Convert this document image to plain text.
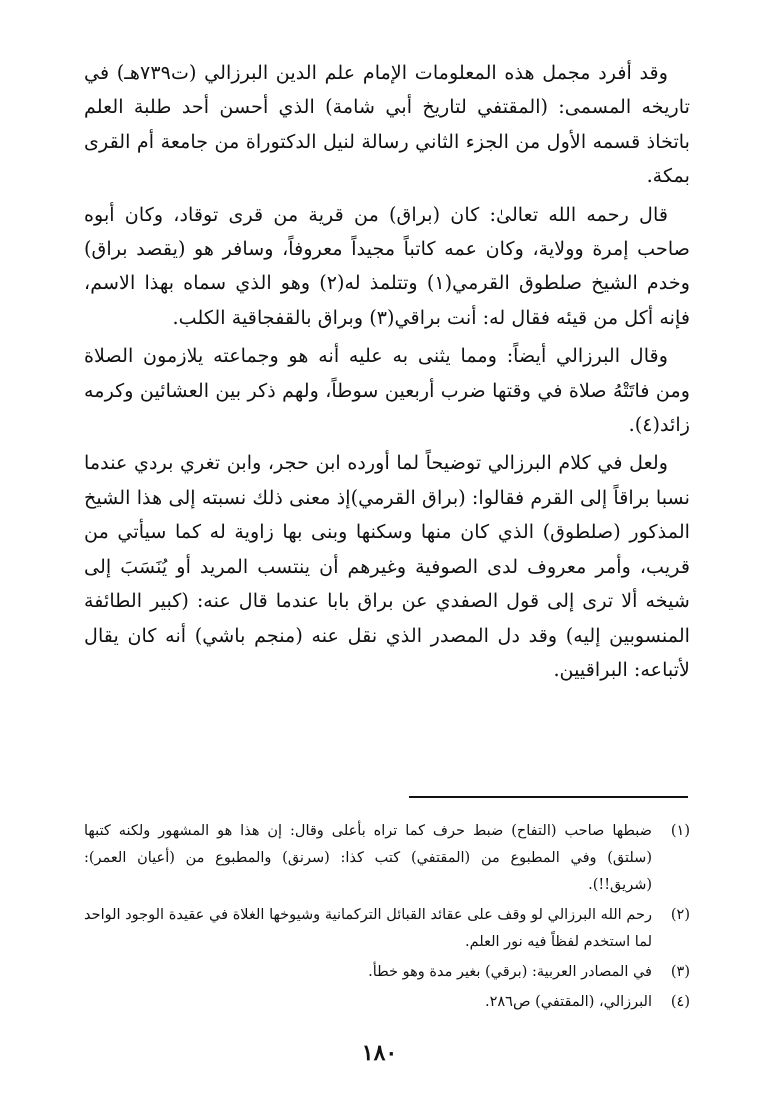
وقد أفرد مجمل هذه المعلومات الإمام علم الدين البرزالي (ت٧٣٩هـ) في تاريخه المسمى: (المقتفي لتاريخ أبي شامة) الذي أحسن أحد طلبة العلم باتخاذ قسمه الأول من الجزء الثاني رسالة لنيل الدكتوراة من جامعة أم القرى بمكة.

قال رحمه الله تعالىٰ: كان (براق) من قرية من قرى توقاد، وكان أبوه صاحب إمرة وولاية، وكان عمه كاتباً مجيداً معروفاً، وسافر هو (يقصد براق) وخدم الشيخ صلطوق القرمي(١) وتتلمذ له(٢) وهو الذي سماه بهذا الاسم، فإنه أكل من قيئه فقال له: أنت براقي(٣) وبراق بالقفجاقية الكلب.

وقال البرزالي أيضاً: ومما يثنى به عليه أنه هو وجماعته يلازمون الصلاة ومن فاتَتْهُ صلاة في وقتها ضرب أربعين سوطاً، ولهم ذكر بين العشائين وكرمه زائد(٤).

ولعل في كلام البرزالي توضيحاً لما أورده ابن حجر، وابن تغري بردي عندما نسبا براقاً إلى القرم فقالوا: (براق القرمي)إذ معنى ذلك نسبته إلى هذا الشيخ المذكور (صلطوق) الذي كان منها وسكنها وبنى بها زاوية له كما سيأتي من قريب، وأمر معروف لدى الصوفية وغيرهم أن ينتسب المريد أو يُنَسَبَ إلى شيخه ألا ترى إلى قول الصفدي عن براق بابا عندما قال عنه: (كبير الطائفة المنسوبين إليه) وقد دل المصدر الذي نقل عنه (منجم باشي) أنه كان يقال لأتباعه: البراقيين.

(١)
ضبطها صاحب (التفاح) ضبط حرف كما تراه بأعلى وقال: إن هذا هو المشهور ولكنه كتبها (سلتق) وفي المطبوع من (المقتفي) كتب كذا: (سرنق) والمطبوع من (أعيان العمر): (شريق!!).
(٢)
رحم الله البرزالي لو وقف على عقائد القبائل التركمانية وشيوخها الغلاة في عقيدة الوجود الواحد لما استخدم لفظاً فيه نور العلم.
(٣)
في المصادر العربية: (برقي) بغير مدة وهو خطأ.
(٤)
البرزالي، (المقتفي) ص٢٨٦.
١٨٠
